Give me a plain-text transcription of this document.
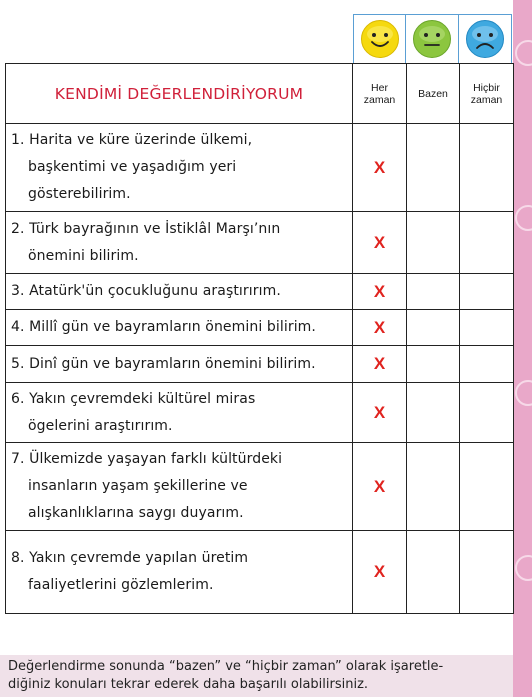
KENDİMİ DEĞERLENDİRİYORUM	Her
zaman	Bazen	Hiçbir
zaman

1. Harita ve küre üzerinde ülkemi,
başkentimi ve yaşadığım yeri
gösterebilirim.	X		

2. Türk bayrağının ve İstiklâl Marşı’nın
önemini bilirim.	X		

3. Atatürk'ün çocukluğunu araştırırım.	X		

4. Millî gün ve bayramların önemini bilirim.	X		

5. Dinî gün ve bayramların önemini bilirim.	X		

6. Yakın çevremdeki kültürel miras
ögelerini araştırırım.	X		

7. Ülkemizde yaşayan farklı kültürdeki
insanların yaşam şekillerine ve
alışkanlıklarına saygı duyarım.	X		

8. Yakın çevremde yapılan üretim
faaliyetlerini gözlemlerim.	X		
Değerlendirme sonunda “bazen” ve “hiçbir zaman” olarak işaretle-
diğiniz konuları tekrar ederek daha başarılı olabilirsiniz.
